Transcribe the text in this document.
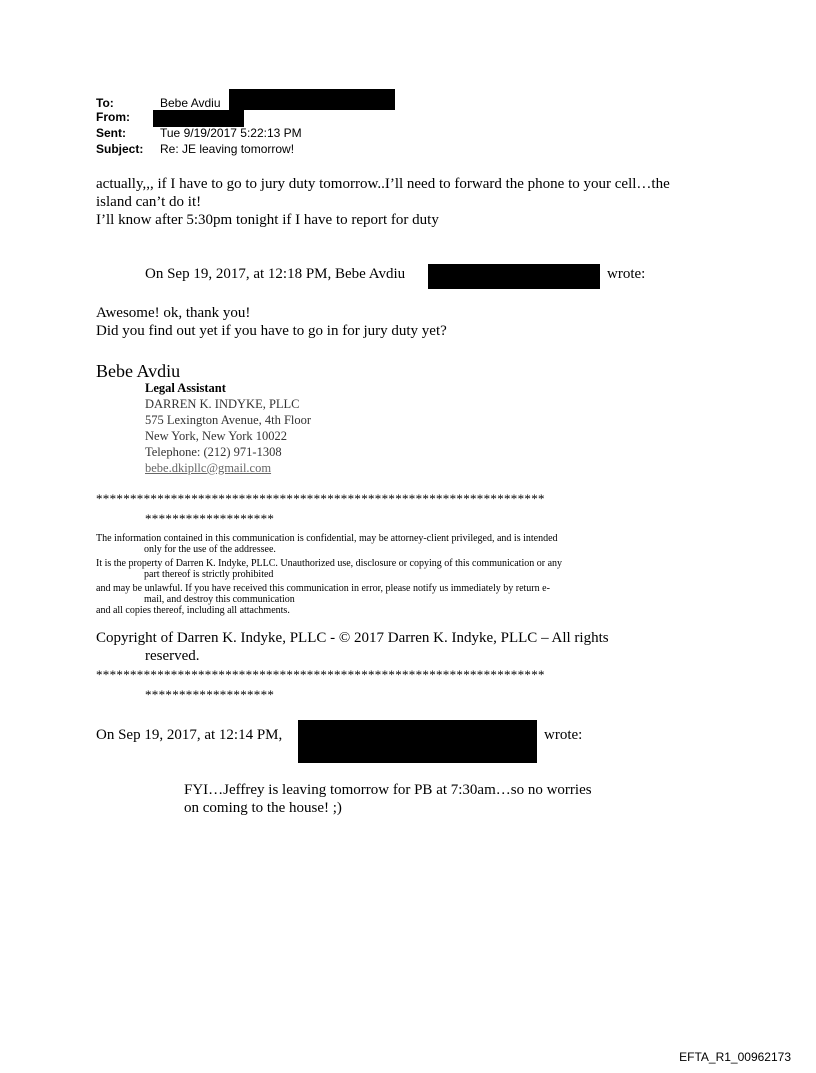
To:	Bebe Avdiu
From:
Sent:	Tue 9/19/2017 5:22:13 PM
Subject: Re: JE leaving tomorrow!
actually,,, if I have to go to jury duty tomorrow..I’ll need to forward the phone to your cell…the
island can’t do it!
I’ll know after 5:30pm tonight if I have to report for duty
On Sep 19, 2017, at 12:18 PM, Bebe Avdiu	wrote:
Awesome! ok, thank you!
Did you find out yet if you have to go in for jury duty yet?
Bebe Avdiu
Legal Assistant
DARREN K. INDYKE, PLLC
575 Lexington Avenue, 4th Floor
New York, New York 10022
Telephone: (212) 971-1308
bebe.dkipllc@gmail.com
******************************************************************
*******************
The information contained in this communication is confidential, may be attorney-client privileged, and is intended
only for the use of the addressee.
It is the property of Darren K. Indyke, PLLC. Unauthorized use, disclosure or copying of this communication or any
part thereof is strictly prohibited
and may be unlawful. If you have received this communication in error, please notify us immediately by return e-
mail, and destroy this communication
and all copies thereof, including all attachments.
Copyright of Darren K. Indyke, PLLC - © 2017 Darren K. Indyke, PLLC – All rights
reserved.
******************************************************************
*******************
On Sep 19, 2017, at 12:14 PM,	wrote:
FYI…Jeffrey is leaving tomorrow for PB at 7:30am…so no worries
on coming to the house! ;)
EFTA_R1_00962173
